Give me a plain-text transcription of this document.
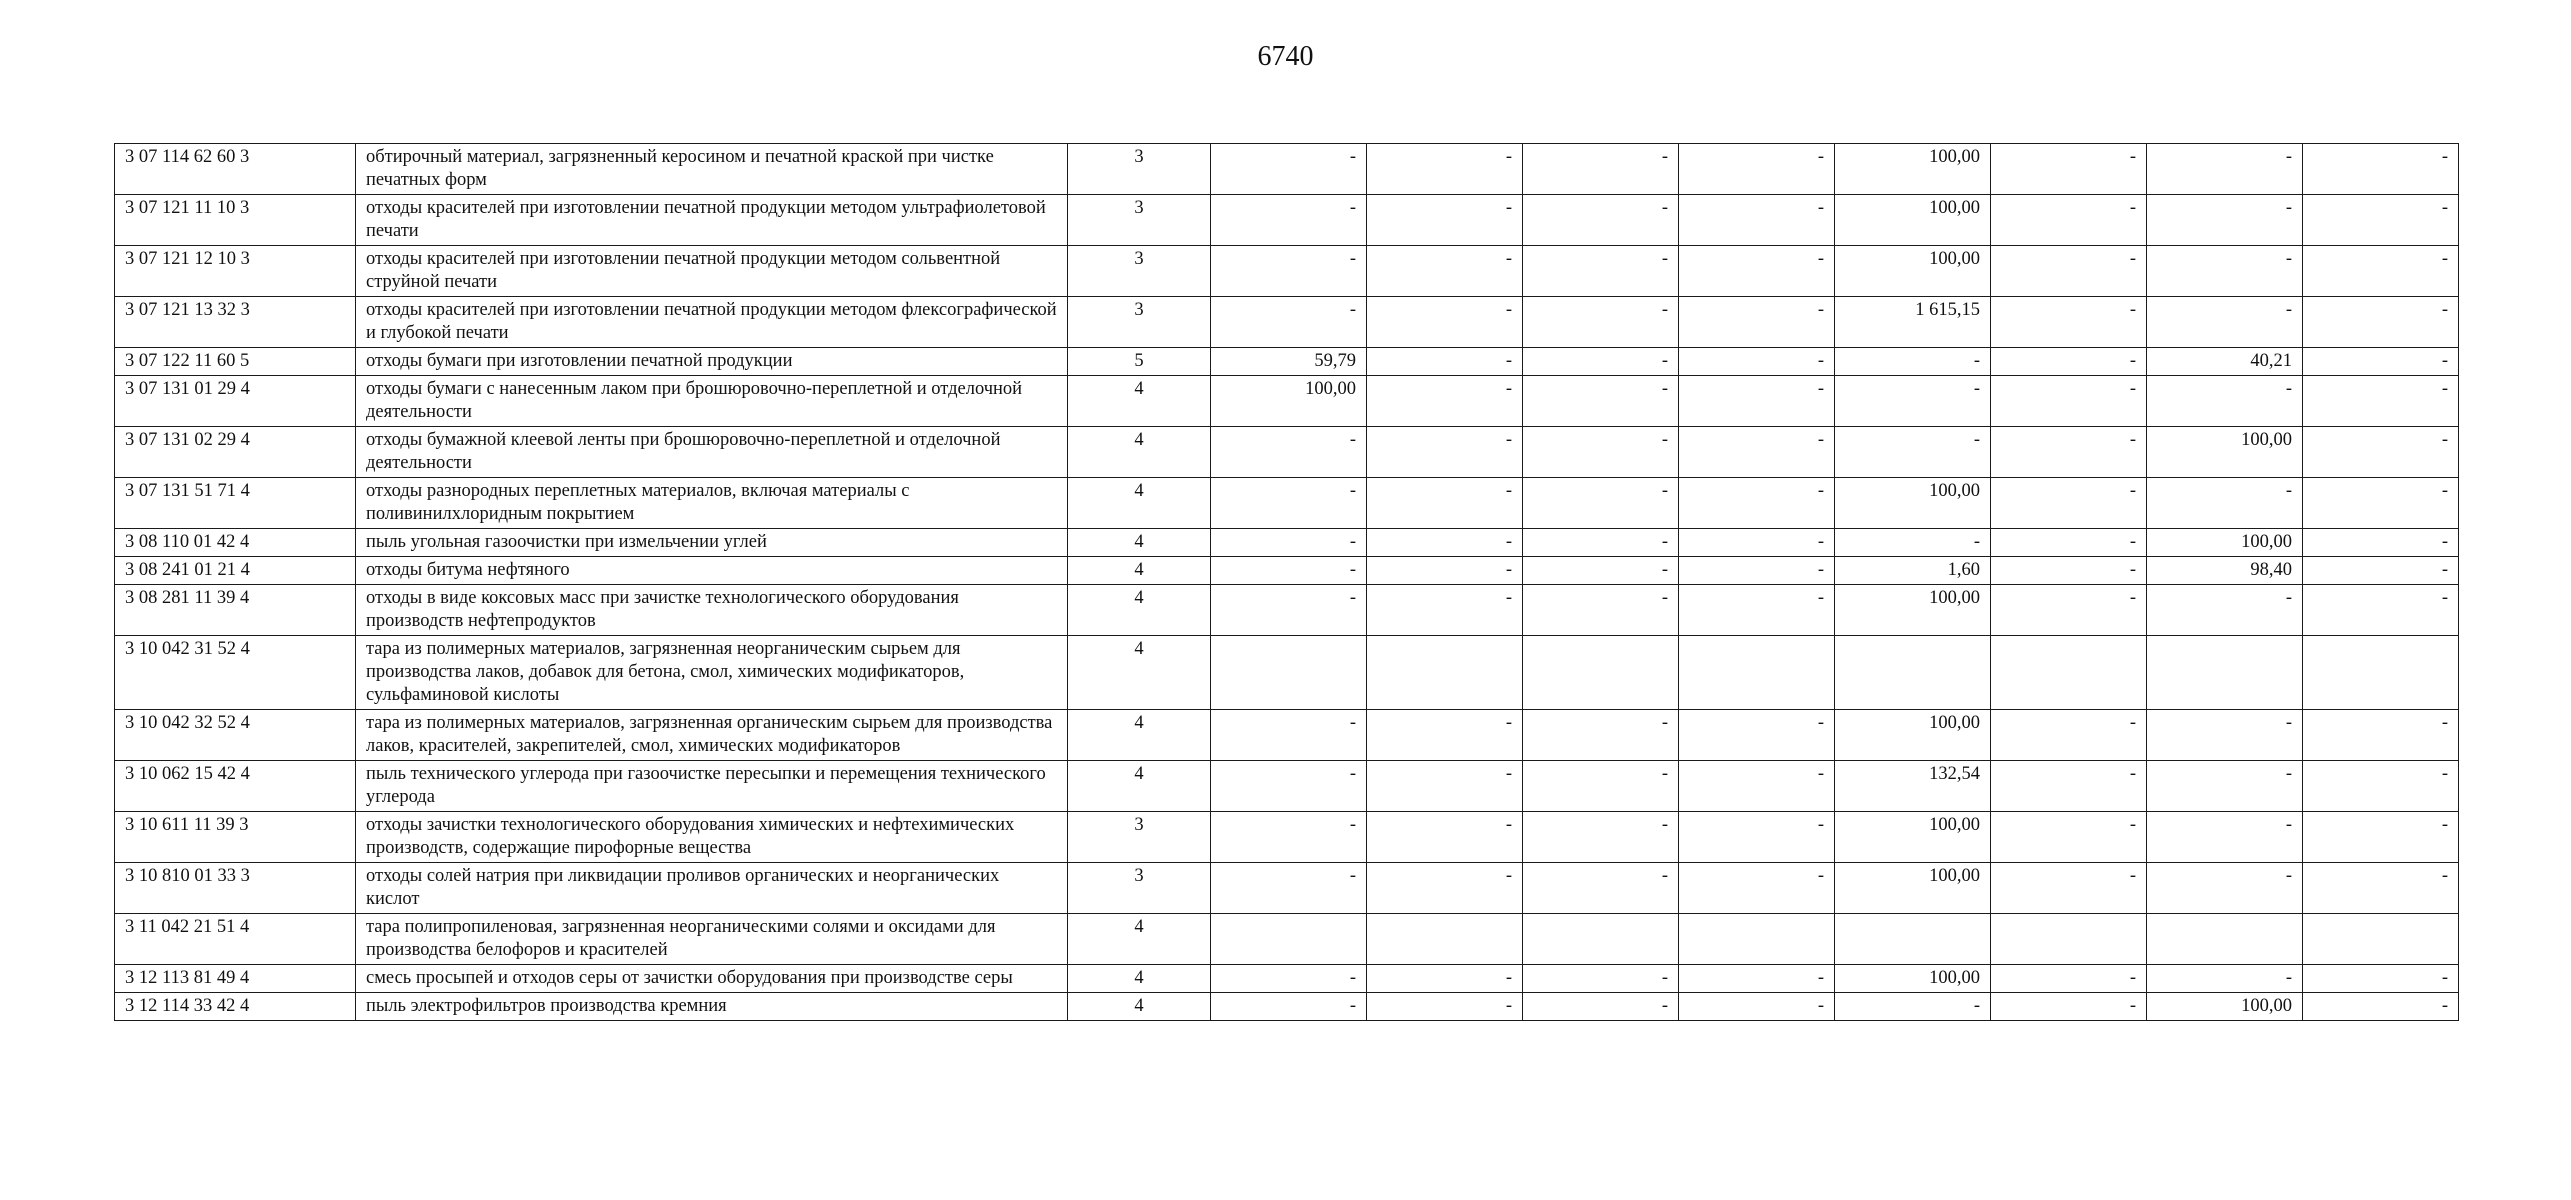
6740
3 07 114 62 60 3	обтирочный материал, загрязненный керосином и печатной краской при чистке печатных форм	3	-	-	-	-	100,00	-	-	-
3 07 121 11 10 3	отходы красителей при изготовлении печатной продукции методом ультрафиолетовой печати	3	-	-	-	-	100,00	-	-	-
3 07 121 12 10 3	отходы красителей при изготовлении печатной продукции методом сольвентной струйной печати	3	-	-	-	-	100,00	-	-	-
3 07 121 13 32 3	отходы красителей при изготовлении печатной продукции методом флексографической и глубокой печати	3	-	-	-	-	1 615,15	-	-	-
3 07 122 11 60 5	отходы бумаги при изготовлении печатной продукции	5	59,79	-	-	-	-	-	40,21	-
3 07 131 01 29 4	отходы бумаги с нанесенным лаком при брошюровочно-переплетной и отделочной деятельности	4	100,00	-	-	-	-	-	-	-
3 07 131 02 29 4	отходы бумажной клеевой ленты при брошюровочно-переплетной и отделочной деятельности	4	-	-	-	-	-	-	100,00	-
3 07 131 51 71 4	отходы разнородных переплетных материалов, включая материалы с поливинилхлоридным покрытием	4	-	-	-	-	100,00	-	-	-
3 08 110 01 42 4	пыль угольная газоочистки при измельчении углей	4	-	-	-	-	-	-	100,00	-
3 08 241 01 21 4	отходы битума нефтяного	4	-	-	-	-	1,60	-	98,40	-
3 08 281 11 39 4	отходы в виде коксовых масс при зачистке технологического оборудования производств нефтепродуктов	4	-	-	-	-	100,00	-	-	-
3 10 042 31 52 4	тара из полимерных материалов, загрязненная неорганическим сырьем для производства лаков, добавок для бетона, смол, химических модификаторов, сульфаминовой кислоты	4								
3 10 042 32 52 4	тара из полимерных материалов, загрязненная органическим сырьем для производства лаков, красителей, закрепителей, смол, химических модификаторов	4	-	-	-	-	100,00	-	-	-
3 10 062 15 42 4	пыль технического углерода при газоочистке пересыпки и перемещения технического углерода	4	-	-	-	-	132,54	-	-	-
3 10 611 11 39 3	отходы зачистки технологического оборудования химических и нефтехимических производств, содержащие пирофорные вещества	3	-	-	-	-	100,00	-	-	-
3 10 810 01 33 3	отходы солей натрия при ликвидации проливов органических и неорганических кислот	3	-	-	-	-	100,00	-	-	-
3 11 042 21 51 4	тара полипропиленовая, загрязненная неорганическими солями и оксидами для производства белофоров и красителей	4								
3 12 113 81 49 4	смесь просыпей и отходов серы от зачистки оборудования при производстве серы	4	-	-	-	-	100,00	-	-	-
3 12 114 33 42 4	пыль электрофильтров производства кремния	4	-	-	-	-	-	-	100,00	-
